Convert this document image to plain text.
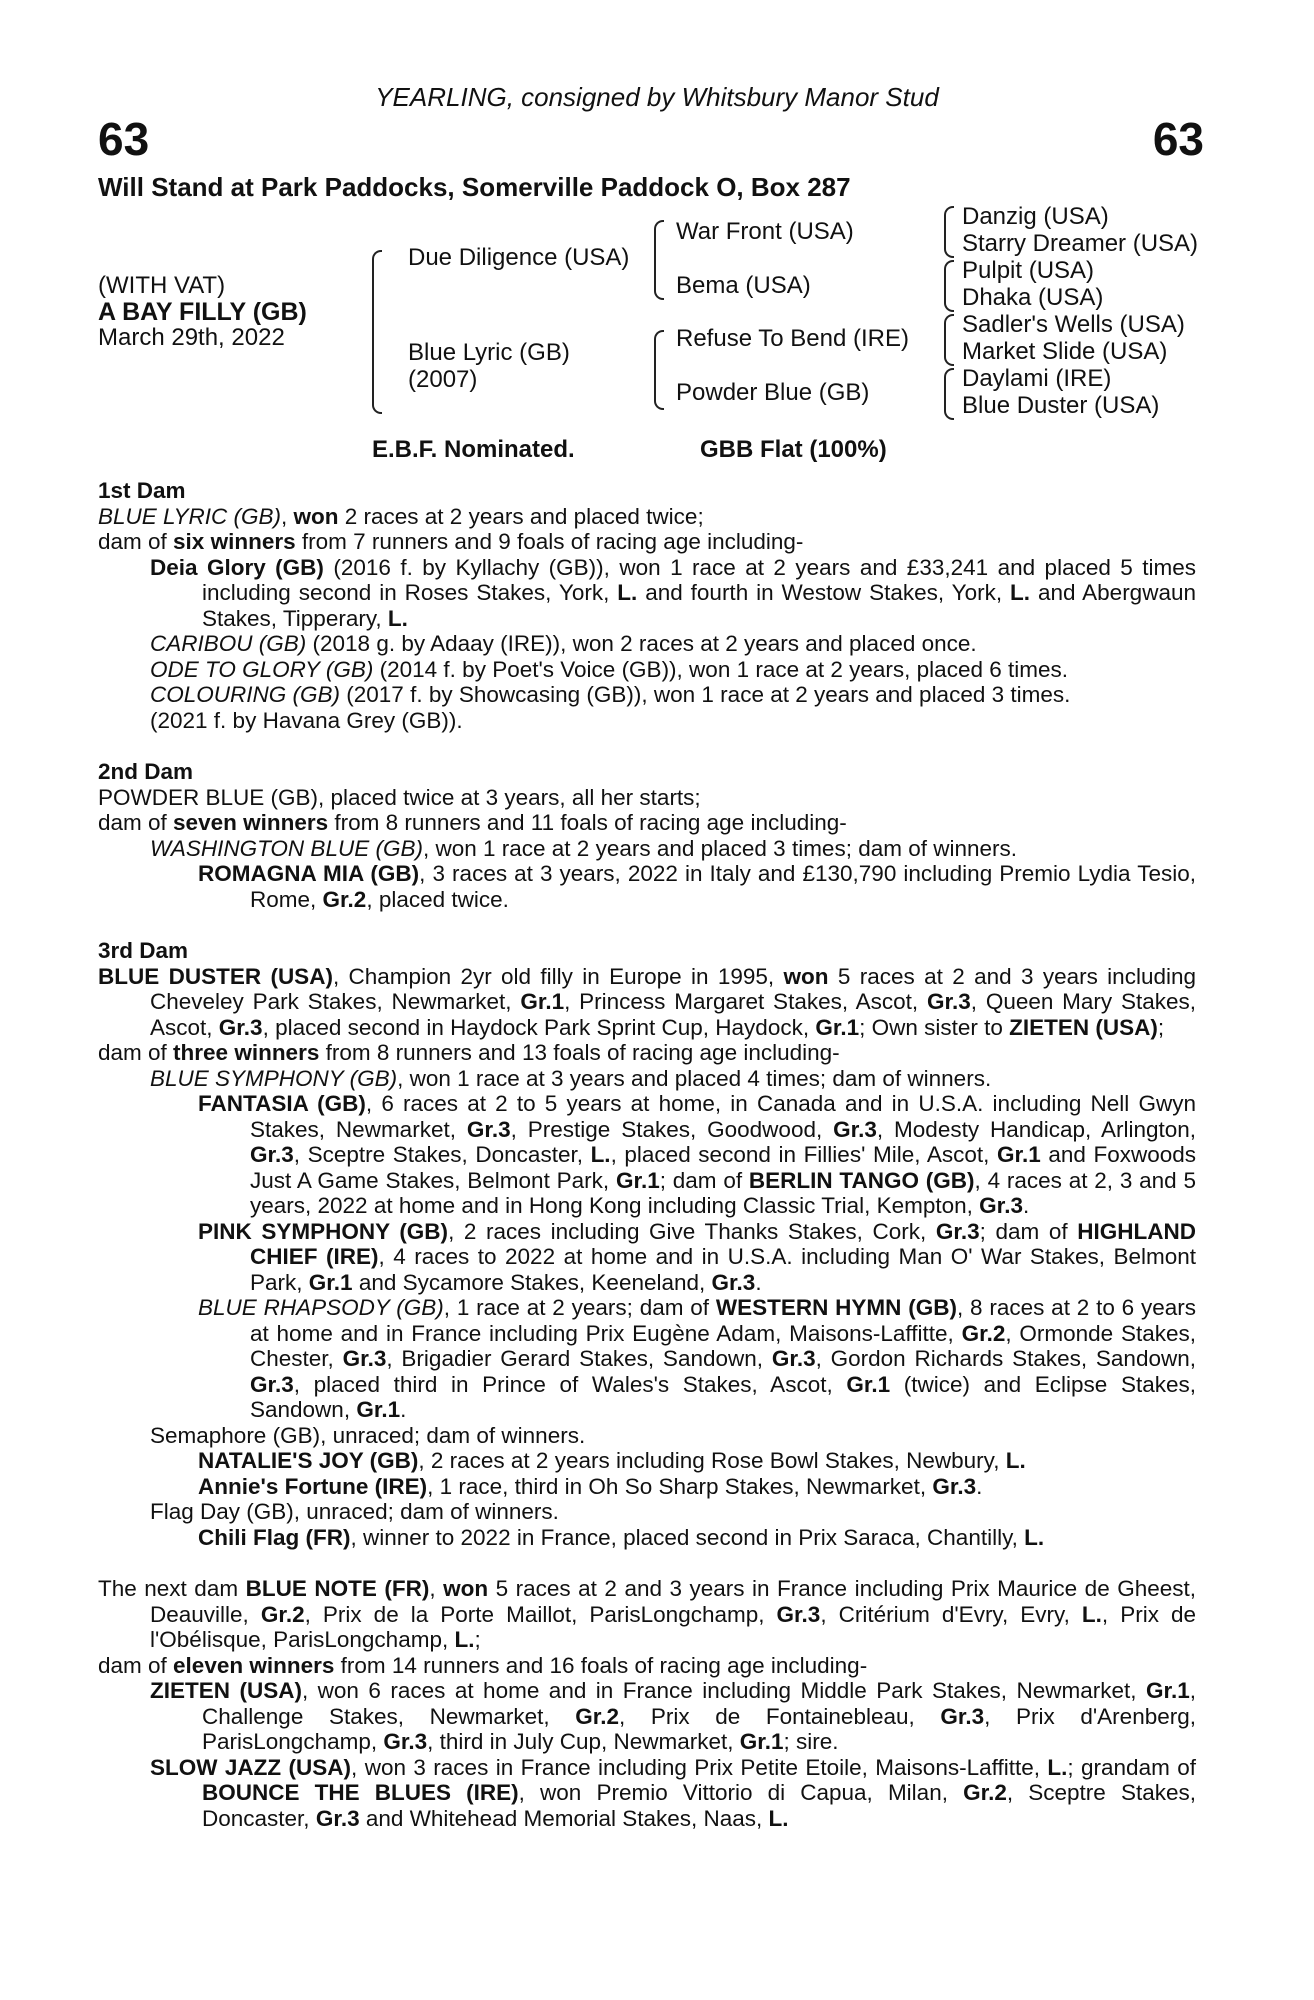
YEARLING, consigned by Whitsbury Manor Stud
63	63
Will Stand at Park Paddocks, Somerville Paddock O, Box 287
(WITH VAT)
A BAY FILLY (GB)
March 29th, 2022
Due Diligence (USA)
Blue Lyric (GB)
(2007)
War Front (USA)
Bema (USA)
Refuse To Bend (IRE)
Powder Blue (GB)
Danzig (USA)
Starry Dreamer (USA)
Pulpit (USA)
Dhaka (USA)
Sadler's Wells (USA)
Market Slide (USA)
Daylami (IRE)
Blue Duster (USA)
E.B.F. Nominated.	GBB Flat (100%)
1st Dam
BLUE LYRIC (GB), won 2 races at 2 years and placed twice;
dam of six winners from 7 runners and 9 foals of racing age including-
Deia Glory (GB) (2016 f. by Kyllachy (GB)), won 1 race at 2 years and £33,241 and placed 5 times including second in Roses Stakes, York, L. and fourth in Westow Stakes, York, L. and Abergwaun Stakes, Tipperary, L.
CARIBOU (GB) (2018 g. by Adaay (IRE)), won 2 races at 2 years and placed once.
ODE TO GLORY (GB) (2014 f. by Poet's Voice (GB)), won 1 race at 2 years, placed 6 times.
COLOURING (GB) (2017 f. by Showcasing (GB)), won 1 race at 2 years and placed 3 times.
(2021 f. by Havana Grey (GB)).
2nd Dam
POWDER BLUE (GB), placed twice at 3 years, all her starts;
dam of seven winners from 8 runners and 11 foals of racing age including-
WASHINGTON BLUE (GB), won 1 race at 2 years and placed 3 times; dam of winners.
ROMAGNA MIA (GB), 3 races at 3 years, 2022 in Italy and £130,790 including Premio Lydia Tesio, Rome, Gr.2, placed twice.
3rd Dam
BLUE DUSTER (USA), Champion 2yr old filly in Europe in 1995, won 5 races at 2 and 3 years including Cheveley Park Stakes, Newmarket, Gr.1, Princess Margaret Stakes, Ascot, Gr.3, Queen Mary Stakes, Ascot, Gr.3, placed second in Haydock Park Sprint Cup, Haydock, Gr.1; Own sister to ZIETEN (USA);
dam of three winners from 8 runners and 13 foals of racing age including-
BLUE SYMPHONY (GB), won 1 race at 3 years and placed 4 times; dam of winners.
FANTASIA (GB), 6 races at 2 to 5 years at home, in Canada and in U.S.A. including Nell Gwyn Stakes, Newmarket, Gr.3, Prestige Stakes, Goodwood, Gr.3, Modesty Handicap, Arlington, Gr.3, Sceptre Stakes, Doncaster, L., placed second in Fillies' Mile, Ascot, Gr.1 and Foxwoods Just A Game Stakes, Belmont Park, Gr.1; dam of BERLIN TANGO (GB), 4 races at 2, 3 and 5 years, 2022 at home and in Hong Kong including Classic Trial, Kempton, Gr.3.
PINK SYMPHONY (GB), 2 races including Give Thanks Stakes, Cork, Gr.3; dam of HIGHLAND CHIEF (IRE), 4 races to 2022 at home and in U.S.A. including Man O' War Stakes, Belmont Park, Gr.1 and Sycamore Stakes, Keeneland, Gr.3.
BLUE RHAPSODY (GB), 1 race at 2 years; dam of WESTERN HYMN (GB), 8 races at 2 to 6 years at home and in France including Prix Eugène Adam, Maisons-Laffitte, Gr.2, Ormonde Stakes, Chester, Gr.3, Brigadier Gerard Stakes, Sandown, Gr.3, Gordon Richards Stakes, Sandown, Gr.3, placed third in Prince of Wales's Stakes, Ascot, Gr.1 (twice) and Eclipse Stakes, Sandown, Gr.1.
Semaphore (GB), unraced; dam of winners.
NATALIE'S JOY (GB), 2 races at 2 years including Rose Bowl Stakes, Newbury, L.
Annie's Fortune (IRE), 1 race, third in Oh So Sharp Stakes, Newmarket, Gr.3.
Flag Day (GB), unraced; dam of winners.
Chili Flag (FR), winner to 2022 in France, placed second in Prix Saraca, Chantilly, L.
The next dam BLUE NOTE (FR), won 5 races at 2 and 3 years in France including Prix Maurice de Gheest, Deauville, Gr.2, Prix de la Porte Maillot, ParisLongchamp, Gr.3, Critérium d'Evry, Evry, L., Prix de l'Obélisque, ParisLongchamp, L.;
dam of eleven winners from 14 runners and 16 foals of racing age including-
ZIETEN (USA), won 6 races at home and in France including Middle Park Stakes, Newmarket, Gr.1, Challenge Stakes, Newmarket, Gr.2, Prix de Fontainebleau, Gr.3, Prix d'Arenberg, ParisLongchamp, Gr.3, third in July Cup, Newmarket, Gr.1; sire.
SLOW JAZZ (USA), won 3 races in France including Prix Petite Etoile, Maisons-Laffitte, L.; grandam of BOUNCE THE BLUES (IRE), won Premio Vittorio di Capua, Milan, Gr.2, Sceptre Stakes, Doncaster, Gr.3 and Whitehead Memorial Stakes, Naas, L.
